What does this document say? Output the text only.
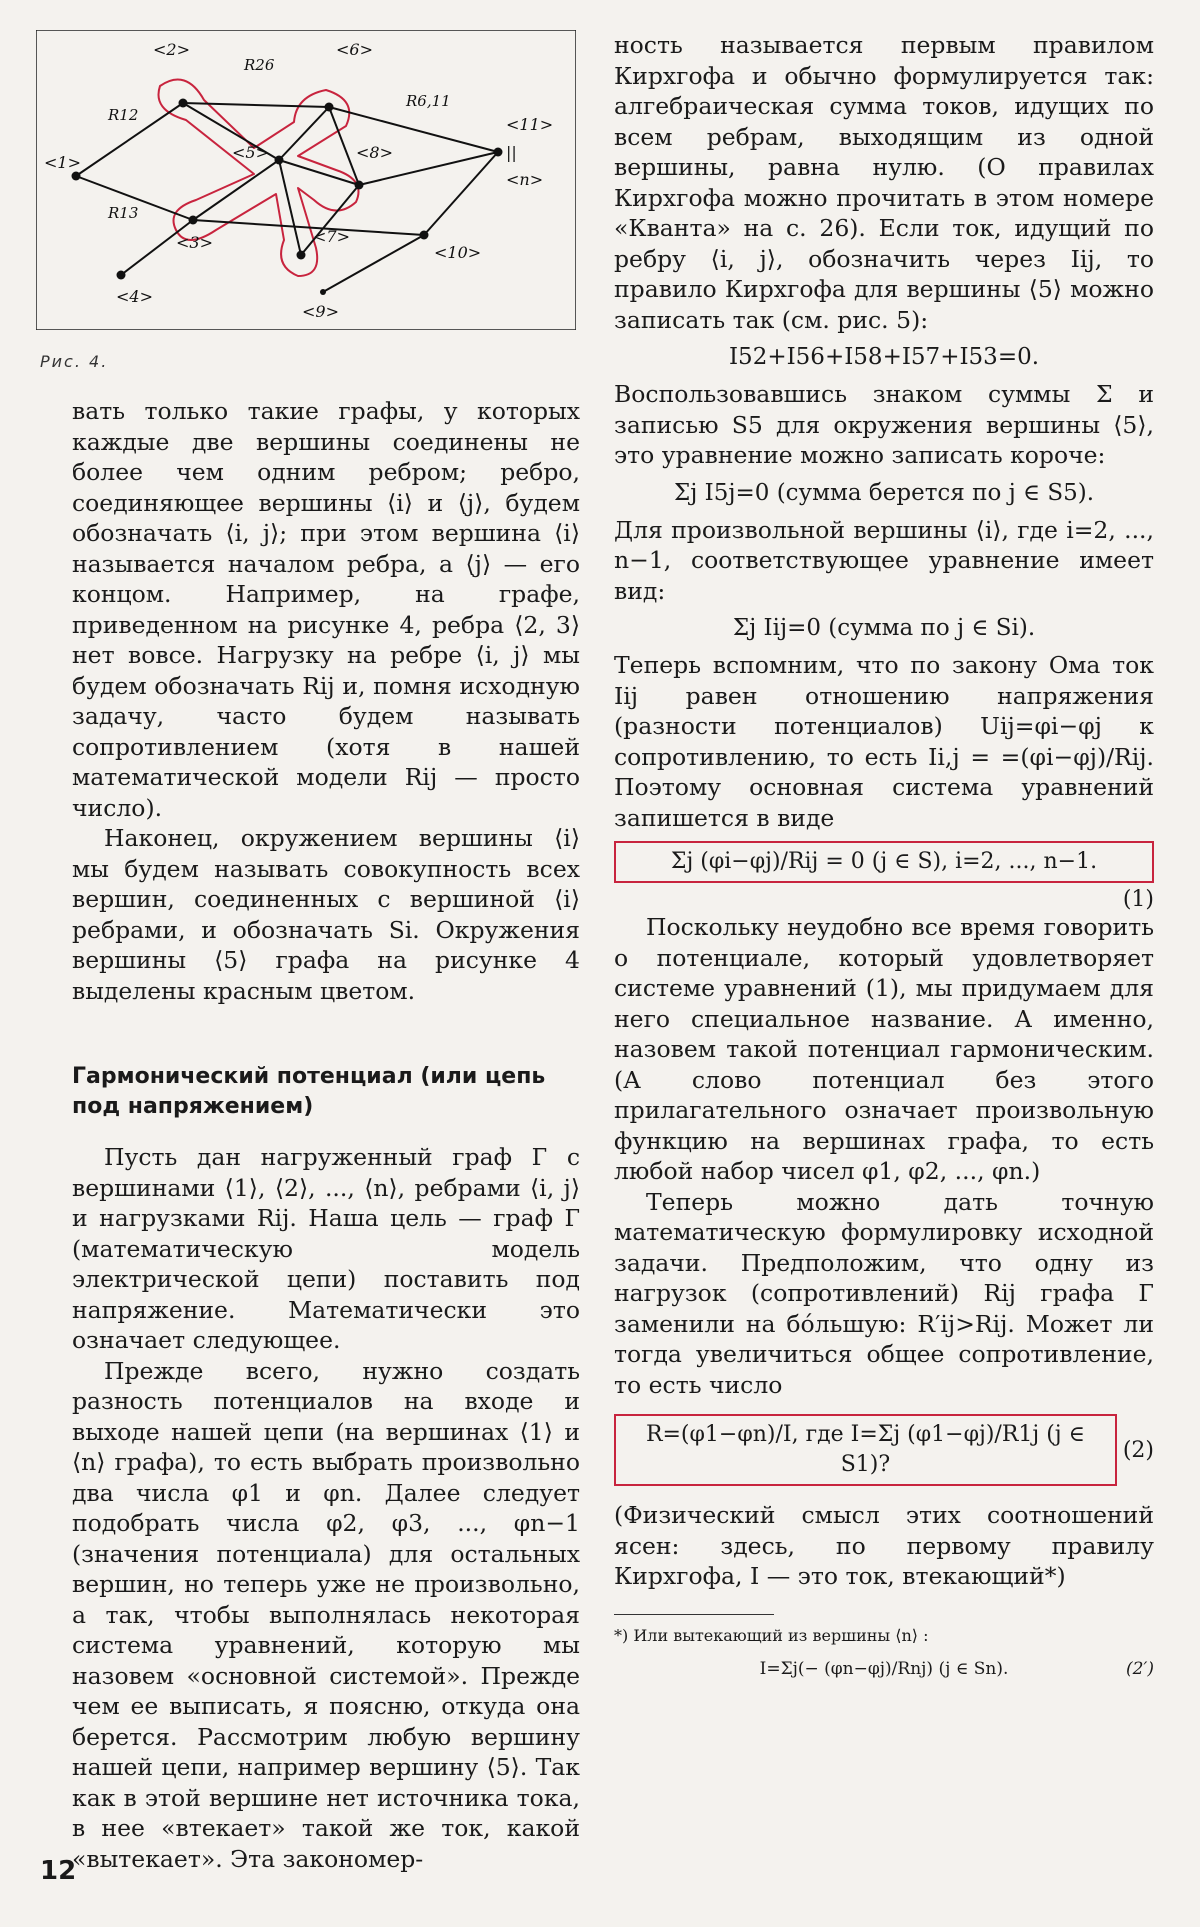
<1>
<2>
<3>
<4>
<5>
<6>
<7>
<8>
<9>
<10>
<11>
<n>
||
R26
R12
R13
R6,11
Рис. 4.

вать только такие графы, у которых каждые две вершины соединены не более чем одним ребром; ребро, соединяющее вершины ⟨i⟩ и ⟨j⟩, будем обозначать ⟨i, j⟩; при этом вершина ⟨i⟩ называется началом ребра, а ⟨j⟩ — его концом. Например, на графе, приведенном на рисунке 4, ребра ⟨2, 3⟩ нет вовсе. Нагрузку на ребре ⟨i, j⟩ мы будем обозначать Rij и, помня исходную задачу, часто будем называть сопротивлением (хотя в нашей математической модели Rij — просто число).

Наконец, окружением вершины ⟨i⟩ мы будем называть совокупность всех вершин, соединенных с вершиной ⟨i⟩ ребрами, и обозначать Si. Окружения вершины ⟨5⟩ графа на рисунке 4 выделены красным цветом.

Гармонический потенциал (или цепь под напряжением)

Пусть дан нагруженный граф Г с вершинами ⟨1⟩, ⟨2⟩, ..., ⟨n⟩, ребрами ⟨i, j⟩ и нагрузками Rij. Наша цель — граф Г (математическую модель электрической цепи) поставить под напряжение. Математически это означает следующее.

Прежде всего, нужно создать разность потенциалов на входе и выходе нашей цепи (на вершинах ⟨1⟩ и ⟨n⟩ графа), то есть выбрать произвольно два числа φ1 и φn. Далее следует подобрать числа φ2, φ3, ..., φn−1 (значения потенциала) для остальных вершин, но теперь уже не произвольно, а так, чтобы выполнялась некоторая система уравнений, которую мы назовем «основной системой». Прежде чем ее выписать, я поясню, откуда она берется. Рассмотрим любую вершину нашей цепи, например вершину ⟨5⟩. Так как в этой вершине нет источника тока, в нее «втекает» такой же ток, какой «вытекает». Эта закономер-

ность называется первым правилом Кирхгофа и обычно формулируется так: алгебраическая сумма токов, идущих по всем ребрам, выходящим из одной вершины, равна нулю. (О правилах Кирхгофа можно прочитать в этом номере «Кванта» на с. 26). Если ток, идущий по ребру ⟨i, j⟩, обозначить через Iij, то правило Кирхгофа для вершины ⟨5⟩ можно записать так (см. рис. 5):

I52+I56+I58+I57+I53=0.

Воспользовавшись знаком суммы Σ и записью S5 для окружения вершины ⟨5⟩, это уравнение можно записать короче:

Σj I5j=0 (сумма берется по j ∈ S5).

Для произвольной вершины ⟨i⟩, где i=2, ..., n−1, соответствующее уравнение имеет вид:

Σj Iij=0 (сумма по j ∈ Si).

Теперь вспомним, что по закону Ома ток Iij равен отношению напряжения (разности потенциалов) Uij=φi−φj к сопротивлению, то есть Ii,j = =(φi−φj)/Rij. Поэтому основная система уравнений запишется в виде

Σj (φi−φj)/Rij = 0 (j ∈ S), i=2, ..., n−1.
(1)

Поскольку неудобно все время говорить о потенциале, который удовлетворяет системе уравнений (1), мы придумаем для него специальное название. А именно, назовем такой потенциал гармоническим. (А слово потенциал без этого прилагательного означает произвольную функцию на вершинах графа, то есть любой набор чисел φ1, φ2, ..., φn.)

Теперь можно дать точную математическую формулировку исходной задачи. Предположим, что одну из нагрузок (сопротивлений) Rij графа Г заменили на бо́льшую: R′ij>Rij. Может ли тогда увеличиться общее сопротивление, то есть число

R=(φ1−φn)/I, где I=Σj (φ1−φj)/R1j (j ∈ S1)?
(2)

(Физический смысл этих соотношений ясен: здесь, по первому правилу Кирхгофа, I — это ток, втекающий*)

*) Или вытекающий из вершины ⟨n⟩ :
I=Σj(− (φn−φj)/Rnj) (j ∈ Sn).	(2′)
12
